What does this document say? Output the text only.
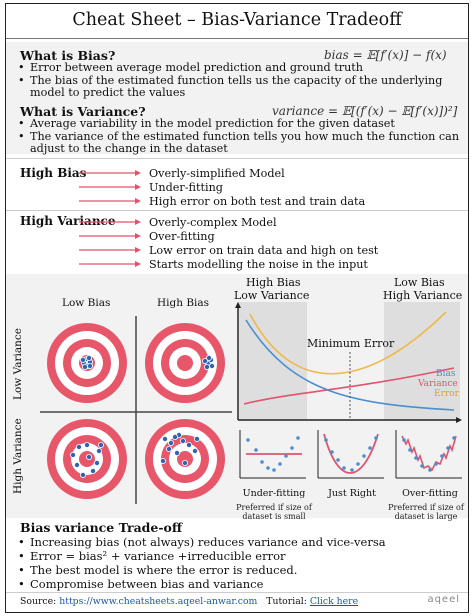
Cheat Sheet – Bias-Variance Tradeoff
What is Bias?	bias = 𝔼[f′(x)] − f(x)
• Error between average model prediction and ground truth
• The bias of the estimated function tells us the capacity of the underlying model to predict the values
What is Variance?	variance = 𝔼[(f′(x) − 𝔼[f′(x)])²]
• Average variability in the model prediction for the given dataset
• The variance of the estimated function tells you how much the function can adjust to the change in the dataset
High Bias	Overly-simplified Model
Under-fitting
High error on both test and train data
High Variance	Overly-complex Model
Over-fitting
Low error on train data and high on test
Starts modelling the noise in the input
Low Bias	High Bias
Low Variance
High Variance
High Bias
Low Variance
Low Bias
High Variance
Minimum Error
Bias
Variance
Error
Under-fitting	Just Right	Over-fitting
Preferred if size of dataset is small
Preferred if size of dataset is large
Bias variance Trade-off
• Increasing bias (not always) reduces variance and vice-versa
• Error = bias² + variance +irreducible error
• The best model is where the error is reduced.
• Compromise between bias and variance
Source: https://www.cheatsheets.aqeel-anwar.com Tutorial: Click here	aqeel
